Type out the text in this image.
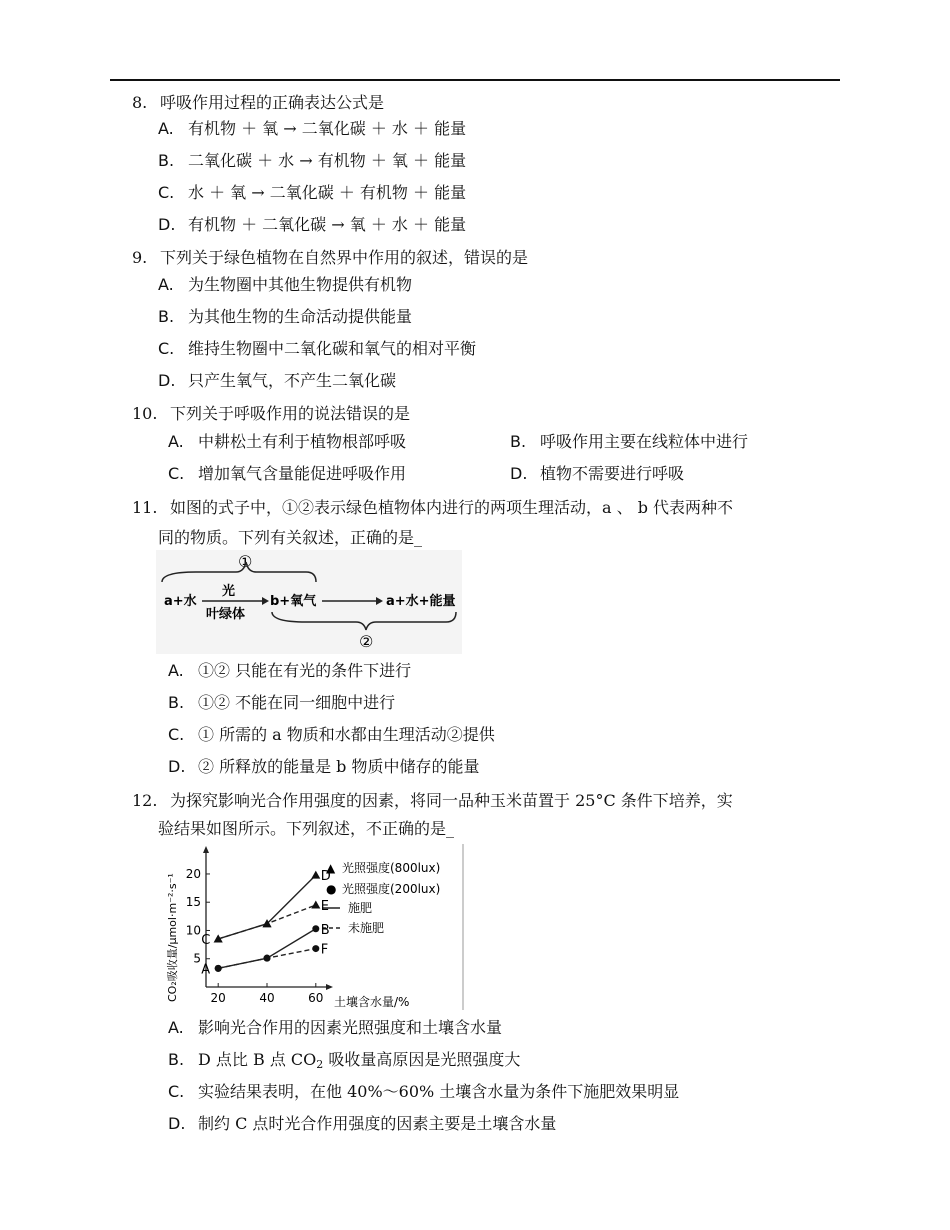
8. 呼吸作用过程的正确表达公式是
A. 有机物 ＋ 氧 → 二氧化碳 ＋ 水 ＋ 能量
B. 二氧化碳 ＋ 水 → 有机物 ＋ 氧 ＋ 能量
C. 水 ＋ 氧 → 二氧化碳 ＋ 有机物 ＋ 能量
D. 有机物 ＋ 二氧化碳 → 氧 ＋ 水 ＋ 能量
9. 下列关于绿色植物在自然界中作用的叙述，错误的是
A. 为生物圈中其他生物提供有机物
B. 为其他生物的生命活动提供能量
C. 维持生物圈中二氧化碳和氧气的相对平衡
D. 只产生氧气，不产生二氧化碳
10. 下列关于呼吸作用的说法错误的是
A. 中耕松土有利于植物根部呼吸	B. 呼吸作用主要在线粒体中进行
C. 增加氧气含量能促进呼吸作用	D. 植物不需要进行呼吸
11. 如图的式子中，①②表示绿色植物体内进行的两项生理活动，a 、 b 代表两种不
同的物质。下列有关叙述，正确的是_
①
a+水
光
叶绿体
b+氧气	a+水+能量
②
A. ①② 只能在有光的条件下进行
B. ①② 不能在同一细胞中进行
C. ① 所需的 a 物质和水都由生理活动②提供
D. ② 所释放的能量是 b 物质中储存的能量
12. 为探究影响光合作用强度的因素，将同一品种玉米苗置于 25°C 条件下培养，实
验结果如图所示。下列叙述，不正确的是_
CO₂吸收量/μmol·m⁻²·s⁻¹	土壤含水量/%
▲ 光照强度(800lux)
● 光照强度(200lux)
施肥
未施肥
5
10
15
20
20	40	60
D
C
E
B
A
F
A. 影响光合作用的因素光照强度和土壤含水量
B. D 点比 B 点 $CO_2$ 吸收量高原因是光照强度大
C. 实验结果表明，在他 40%～60% 土壤含水量为条件下施肥效果明显
D. 制约 C 点时光合作用强度的因素主要是土壤含水量
